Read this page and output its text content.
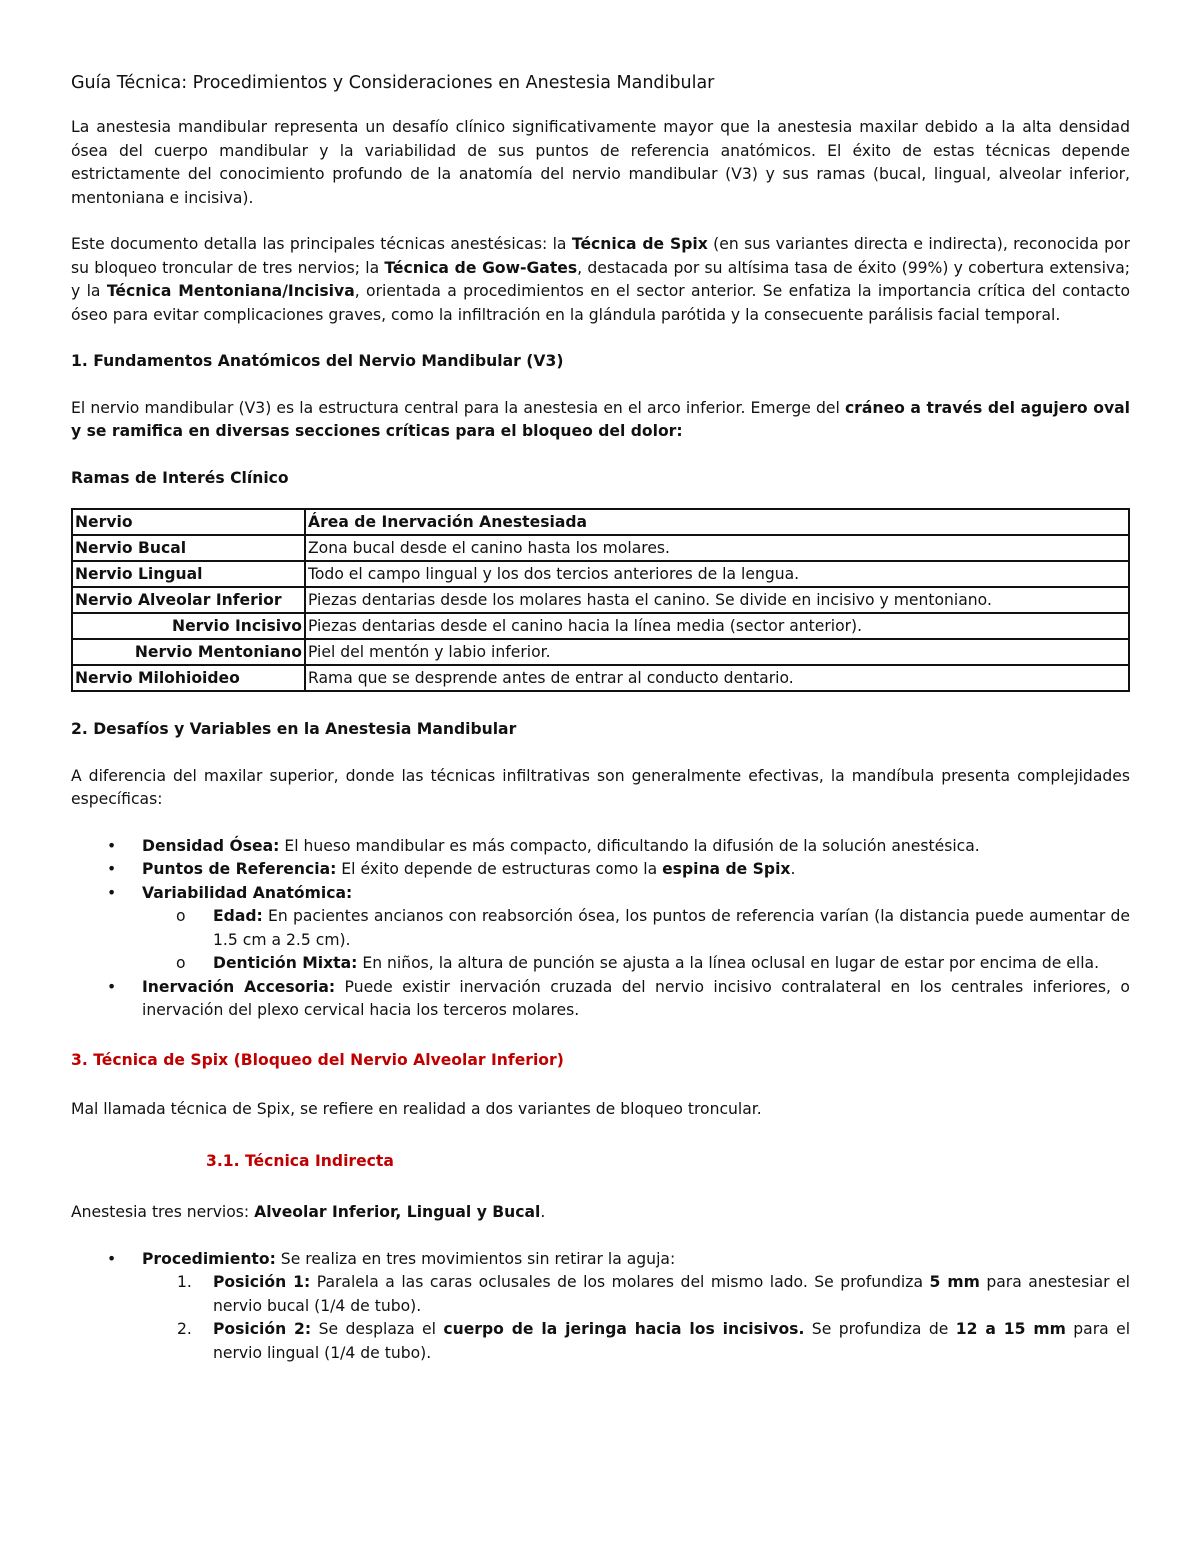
Guía Técnica: Procedimientos y Consideraciones en Anestesia Mandibular

La anestesia mandibular representa un desafío clínico significativamente mayor que la anestesia maxilar debido a la alta densidad ósea del cuerpo mandibular y la variabilidad de sus puntos de referencia anatómicos. El éxito de estas técnicas depende estrictamente del conocimiento profundo de la anatomía del nervio mandibular (V3) y sus ramas (bucal, lingual, alveolar inferior, mentoniana e incisiva).

Este documento detalla las principales técnicas anestésicas: la Técnica de Spix (en sus variantes directa e indirecta), reconocida por su bloqueo troncular de tres nervios; la Técnica de Gow-Gates, destacada por su altísima tasa de éxito (99%) y cobertura extensiva; y la Técnica Mentoniana/Incisiva, orientada a procedimientos en el sector anterior. Se enfatiza la importancia crítica del contacto óseo para evitar complicaciones graves, como la infiltración en la glándula parótida y la consecuente parálisis facial temporal.

1. Fundamentos Anatómicos del Nervio Mandibular (V3)

El nervio mandibular (V3) es la estructura central para la anestesia en el arco inferior. Emerge del cráneo a través del agujero oval y se ramifica en diversas secciones críticas para el bloqueo del dolor:

Ramas de Interés Clínico

Nervio	Área de Inervación Anestesiada
Nervio Bucal	Zona bucal desde el canino hasta los molares.
Nervio Lingual	Todo el campo lingual y los dos tercios anteriores de la lengua.
Nervio Alveolar Inferior	Piezas dentarias desde los molares hasta el canino. Se divide en incisivo y mentoniano.
Nervio Incisivo	Piezas dentarias desde el canino hacia la línea media (sector anterior).
Nervio Mentoniano	Piel del mentón y labio inferior.
Nervio Milohioideo	Rama que se desprende antes de entrar al conducto dentario.

2. Desafíos y Variables en la Anestesia Mandibular

A diferencia del maxilar superior, donde las técnicas infiltrativas son generalmente efectivas, la mandíbula presenta complejidades específicas:

• Densidad Ósea: El hueso mandibular es más compacto, dificultando la difusión de la solución anestésica.
• Puntos de Referencia: El éxito depende de estructuras como la espina de Spix.
• Variabilidad Anatómica:
o Edad: En pacientes ancianos con reabsorción ósea, los puntos de referencia varían (la distancia puede aumentar de 1.5 cm a 2.5 cm).
o Dentición Mixta: En niños, la altura de punción se ajusta a la línea oclusal en lugar de estar por encima de ella.
• Inervación Accesoria: Puede existir inervación cruzada del nervio incisivo contralateral en los centrales inferiores, o inervación del plexo cervical hacia los terceros molares.

3. Técnica de Spix (Bloqueo del Nervio Alveolar Inferior)

Mal llamada técnica de Spix, se refiere en realidad a dos variantes de bloqueo troncular.

3.1. Técnica Indirecta

Anestesia tres nervios: Alveolar Inferior, Lingual y Bucal.

• Procedimiento: Se realiza en tres movimientos sin retirar la aguja:
1. Posición 1: Paralela a las caras oclusales de los molares del mismo lado. Se profundiza 5 mm para anestesiar el nervio bucal (1/4 de tubo).
2. Posición 2: Se desplaza el cuerpo de la jeringa hacia los incisivos. Se profundiza de 12 a 15 mm para el nervio lingual (1/4 de tubo).
